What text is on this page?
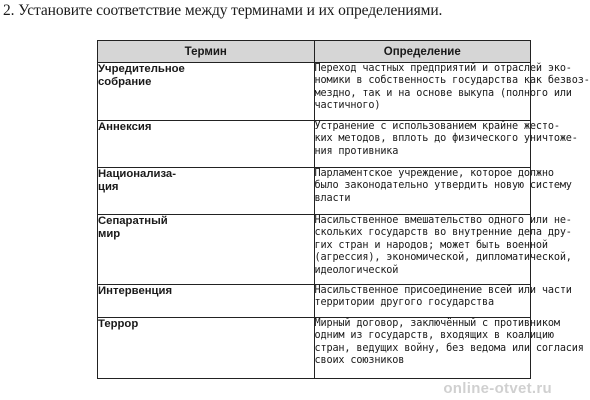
2. Установите соответствие между терминами и их определениями.
Термин	Определение

Учредительное
собрание	Переход частных предприятий и отраслей эко-
номики в собственность государства как безвоз-
мездно, так и на основе выкупа (полного или
частичного)

Аннексия	Устранение с использованием крайне жесто-
ких методов, вплоть до физического уничтоже-
ния противника

Национализа-
ция	Парламентское учреждение, которое должно
было законодательно утвердить новую систему
власти

Сепаратный
мир	Насильственное вмешательство одного или не-
скольких государств во внутренние дела дру-
гих стран и народов; может быть военной
(агрессия), экономической, дипломатической,
идеологической

Интервенция	Насильственное присоединение всей или части
территории другого государства

Террор	Мирный договор, заключённый с противником
одним из государств, входящих в коалицию
стран, ведущих войну, без ведома или согласия
своих союзников
online-otvet.ru
